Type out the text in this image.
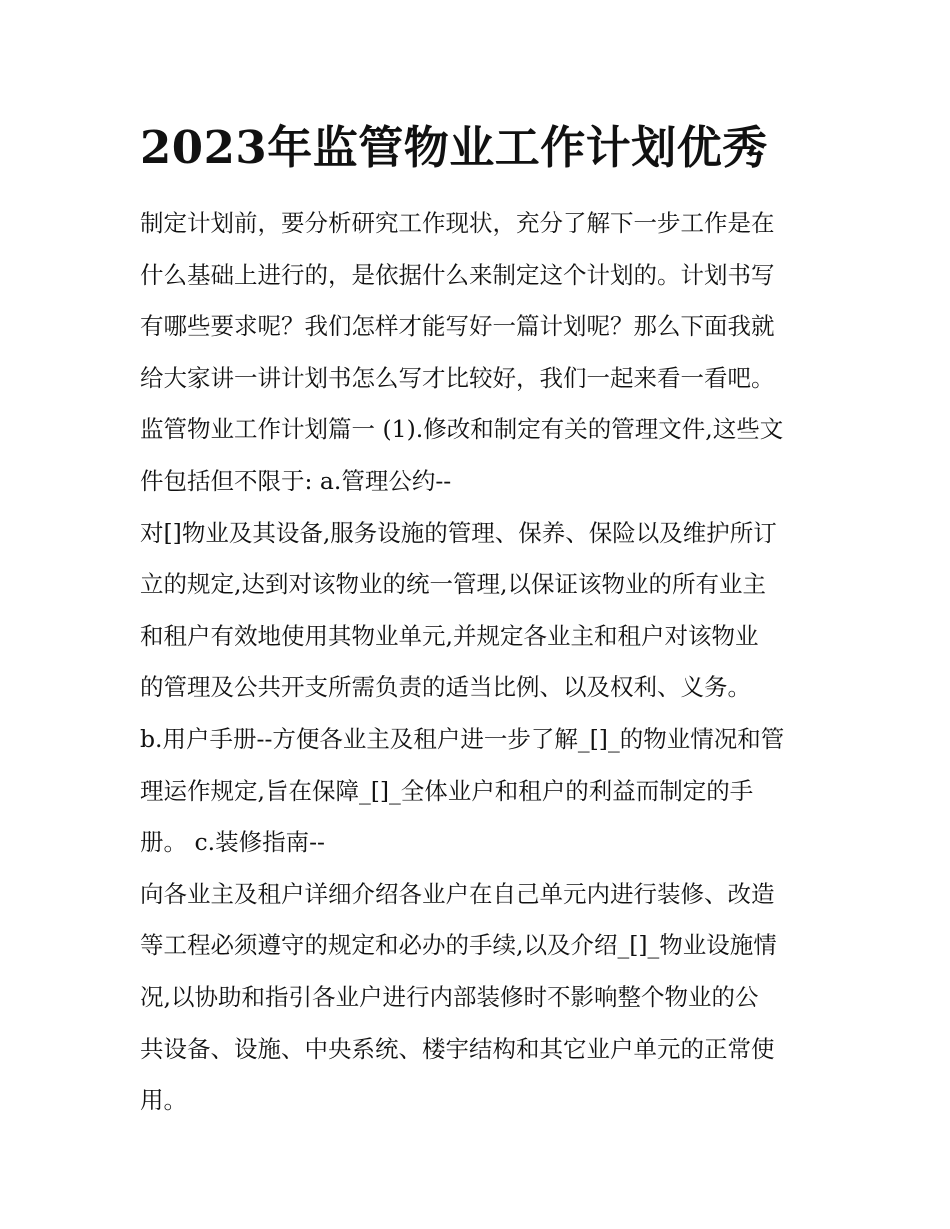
2023年监管物业工作计划优秀
制定计划前，要分析研究工作现状，充分了解下一步工作是在
什么基础上进行的，是依据什么来制定这个计划的。计划书写
有哪些要求呢？我们怎样才能写好一篇计划呢？那么下面我就
给大家讲一讲计划书怎么写才比较好，我们一起来看一看吧。
监管物业工作计划篇一 (1).修改和制定有关的管理文件,这些文
件包括但不限于: a.管理公约--
对[]物业及其设备,服务设施的管理、保养、保险以及维护所订
立的规定,达到对该物业的统一管理,以保证该物业的所有业主
和租户有效地使用其物业单元,并规定各业主和租户对该物业
的管理及公共开支所需负责的适当比例、以及权利、义务。
b.用户手册--方便各业主及租户进一步了解_[]_的物业情况和管
理运作规定,旨在保障_[]_全体业户和租户的利益而制定的手
册。 c.装修指南--
向各业主及租户详细介绍各业户在自己单元内进行装修、改造
等工程必须遵守的规定和必办的手续,以及介绍_[]_物业设施情
况,以协助和指引各业户进行内部装修时不影响整个物业的公
共设备、设施、中央系统、楼宇结构和其它业户单元的正常使
用。
